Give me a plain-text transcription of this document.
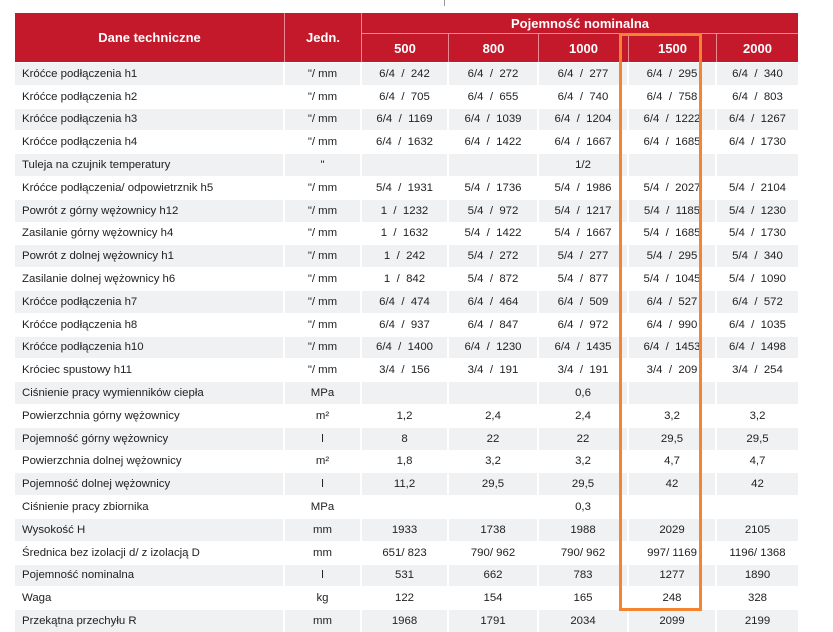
Dane techniczne	Jedn.	Pojemność nominalna				
		500	800	1000	1500	2000
Króćce podłączenia h1	"/ mm	6/4  /  242	6/4  /  272	6/4  /  277	6/4  /  295	6/4  /  340
Króćce podłączenia h2	"/ mm	6/4  /  705	6/4  /  655	6/4  /  740	6/4  /  758	6/4  /  803
Króćce podłączenia h3	"/ mm	6/4  /  1169	6/4  /  1039	6/4  /  1204	6/4  /  1222	6/4  /  1267
Króćce podłączenia h4	"/ mm	6/4  /  1632	6/4  /  1422	6/4  /  1667	6/4  /  1685	6/4  /  1730
Tuleja na czujnik temperatury	"			1/2		
Króćce podłączenia/ odpowietrznik h5	"/ mm	5/4  /  1931	5/4  /  1736	5/4  /  1986	5/4  /  2027	5/4  /  2104
Powrót z górny wężownicy h12	"/ mm	1  /  1232	5/4  /  972	5/4  /  1217	5/4  /  1185	5/4  /  1230
Zasilanie górny wężownicy h4	"/ mm	1  /  1632	5/4  /  1422	5/4  /  1667	5/4  /  1685	5/4  /  1730
Powrót z dolnej wężownicy h1	"/ mm	1  /  242	5/4  /  272	5/4  /  277	5/4  /  295	5/4  /  340
Zasilanie dolnej wężownicy h6	"/ mm	1  /  842	5/4  /  872	5/4  /  877	5/4  /  1045	5/4  /  1090
Króćce podłączenia h7	"/ mm	6/4  /  474	6/4  /  464	6/4  /  509	6/4  /  527	6/4  /  572
Króćce podłączenia h8	"/ mm	6/4  /  937	6/4  /  847	6/4  /  972	6/4  /  990	6/4  /  1035
Króćce podłączenia h10	"/ mm	6/4  /  1400	6/4  /  1230	6/4  /  1435	6/4  /  1453	6/4  /  1498
Króciec spustowy h11	"/ mm	3/4  /  156	3/4  /  191	3/4  /  191	3/4  /  209	3/4  /  254
Ciśnienie pracy wymienników ciepła	MPa			0,6		
Powierzchnia górny wężownicy	m²	1,2	2,4	2,4	3,2	3,2
Pojemność górny wężownicy	l	8	22	22	29,5	29,5
Powierzchnia dolnej wężownicy	m²	1,8	3,2	3,2	4,7	4,7
Pojemność dolnej wężownicy	l	11,2	29,5	29,5	42	42
Ciśnienie pracy zbiornika	MPa			0,3		
Wysokość H	mm	1933	1738	1988	2029	2105
Średnica bez izolacji d/ z izolacją D	mm	651/ 823	790/ 962	790/ 962	997/ 1169	1196/ 1368
Pojemność nominalna	l	531	662	783	1277	1890
Waga	kg	122	154	165	248	328
Przekątna przechyłu R	mm	1968	1791	2034	2099	2199
